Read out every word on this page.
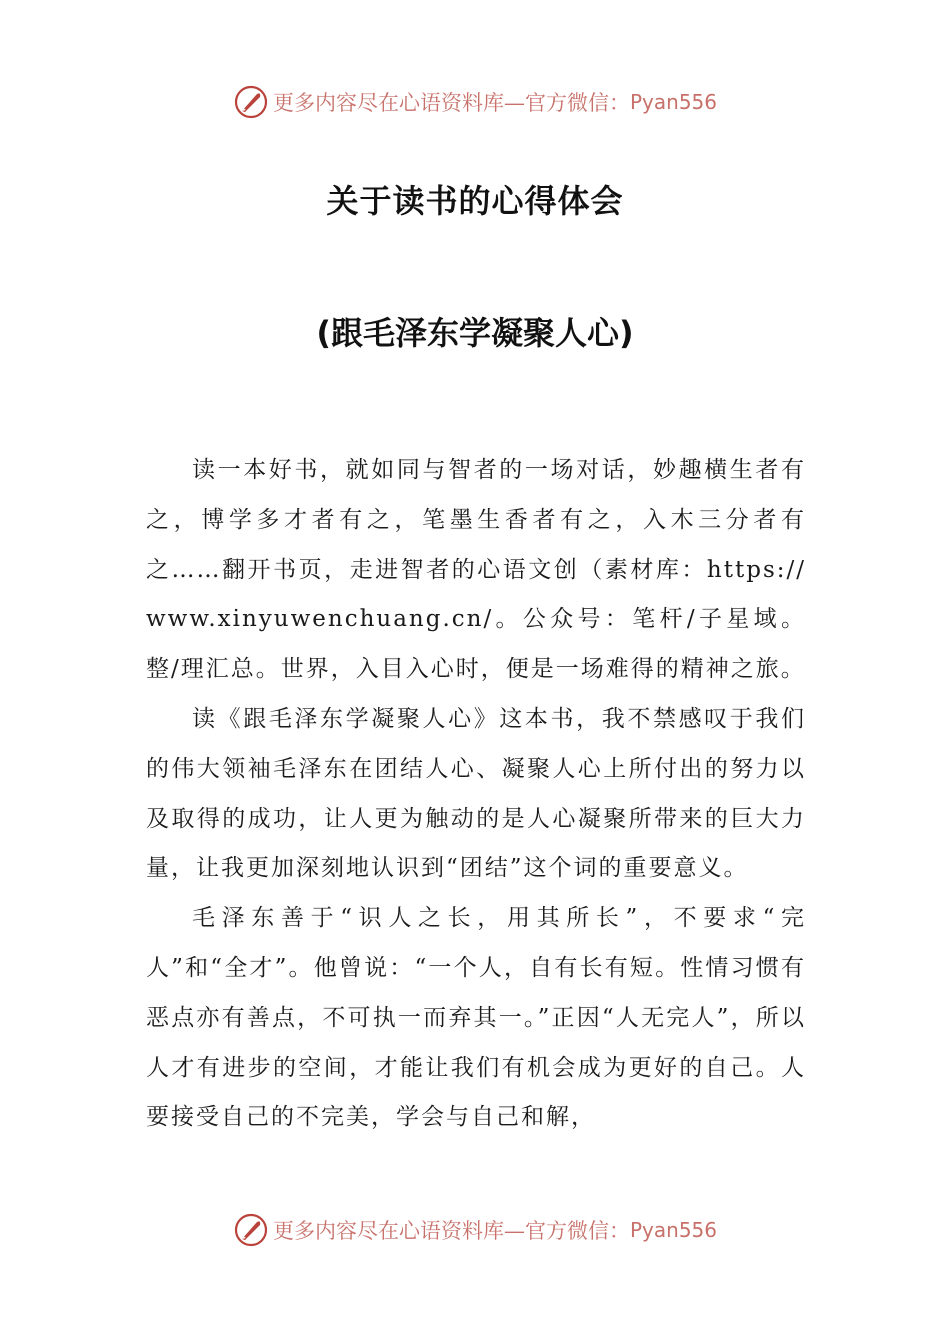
更多内容尽在心语资料库—官方微信： Pyan556
关于读书的心得体会
(跟毛泽东学凝聚人心)

读一本好书，就如同与智者的一场对话，妙趣横生者有之，博学多才者有之，笔墨生香者有之，入木三分者有之……翻开书页，走进智者的心语文创（素材库：https://www.xinyuwenchuang.cn/。公众号：笔杆/子星域。整/理汇总。世界，入目入心时，便是一场难得的精神之旅。

读《跟毛泽东学凝聚人心》这本书，我不禁感叹于我们的伟大领袖毛泽东在团结人心、凝聚人心上所付出的努力以及取得的成功，让人更为触动的是人心凝聚所带来的巨大力量，让我更加深刻地认识到“团结”这个词的重要意义。

毛泽东善于“识人之长，用其所长”，不要求“完人”和“全才”。他曾说：“一个人，自有长有短。性情习惯有恶点亦有善点，不可执一而弃其一。”正因“人无完人”，所以人才有进步的空间，才能让我们有机会成为更好的自己。人要接受自己的不完美，学会与自己和解，

更多内容尽在心语资料库—官方微信： Pyan556
